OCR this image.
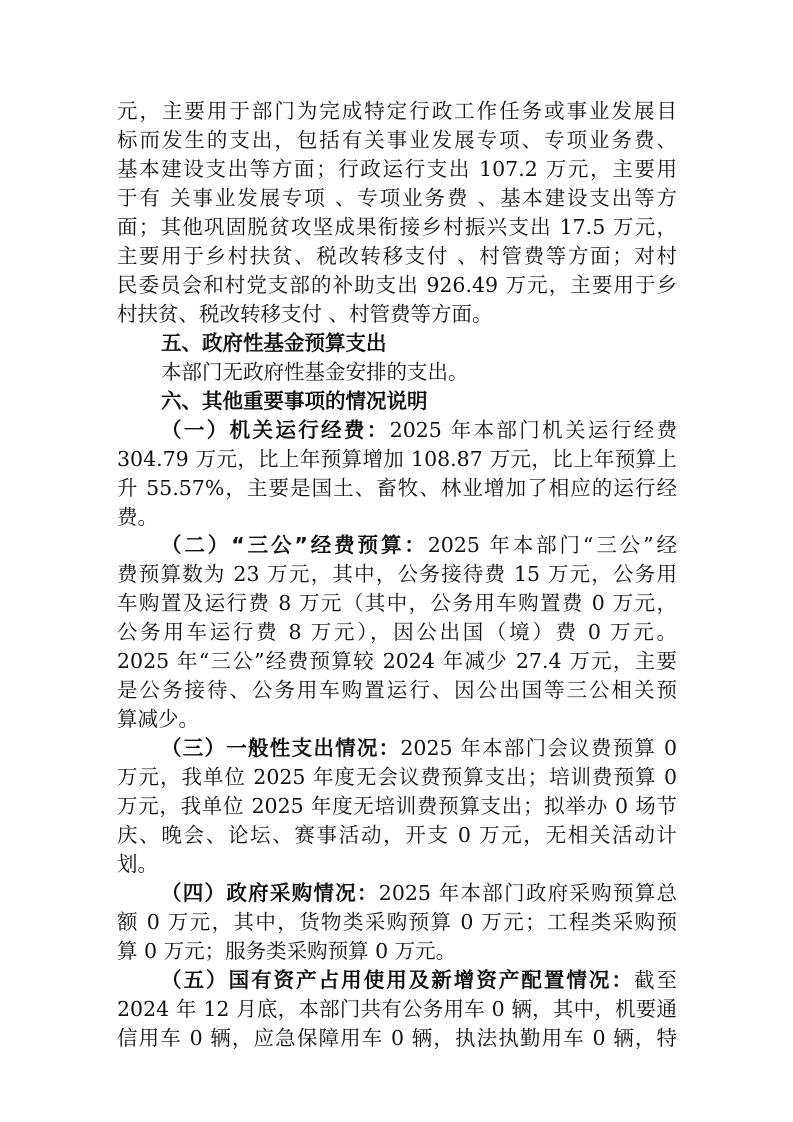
元，主要用于部门为完成特定行政工作任务或事业发展目
标而发生的支出，包括有关事业发展专项、专项业务费、
基本建设支出等方面；行政运行支出 107.2 万元，主要用
于有 关事业发展专项 、专项业务费 、基本建设支出等方
面；其他巩固脱贫攻坚成果衔接乡村振兴支出 17.5 万元，
主要用于乡村扶贫、税改转移支付 、村管费等方面；对村
民委员会和村党支部的补助支出 926.49 万元，主要用于乡
村扶贫、税改转移支付 、村管费等方面。
五、政府性基金预算支出
本部门无政府性基金安排的支出。
六、其他重要事项的情况说明
（一）机关运行经费：2025 年本部门机关运行经费
304.79 万元，比上年预算增加 108.87 万元，比上年预算上
升 55.57%，主要是国土、畜牧、林业增加了相应的运行经
费。
（二）“三公”经费预算：2025 年本部门“三公”经
费预算数为 23 万元，其中，公务接待费 15 万元，公务用
车购置及运行费 8 万元（其中，公务用车购置费 0 万元，
公务用车运行费 8 万元），因公出国（境）费 0 万元。
2025 年“三公”经费预算较 2024 年减少 27.4 万元，主要
是公务接待、公务用车购置运行、因公出国等三公相关预
算减少。
（三）一般性支出情况：2025 年本部门会议费预算 0
万元，我单位 2025 年度无会议费预算支出；培训费预算 0
万元，我单位 2025 年度无培训费预算支出；拟举办 0 场节
庆、晚会、论坛、赛事活动，开支 0 万元，无相关活动计
划。
（四）政府采购情况：2025 年本部门政府采购预算总
额 0 万元，其中，货物类采购预算 0 万元；工程类采购预
算 0 万元；服务类采购预算 0 万元。
（五）国有资产占用使用及新增资产配置情况：截至
2024 年 12 月底，本部门共有公务用车 0 辆，其中，机要通
信用车 0 辆，应急保障用车 0 辆，执法执勤用车 0 辆，特
